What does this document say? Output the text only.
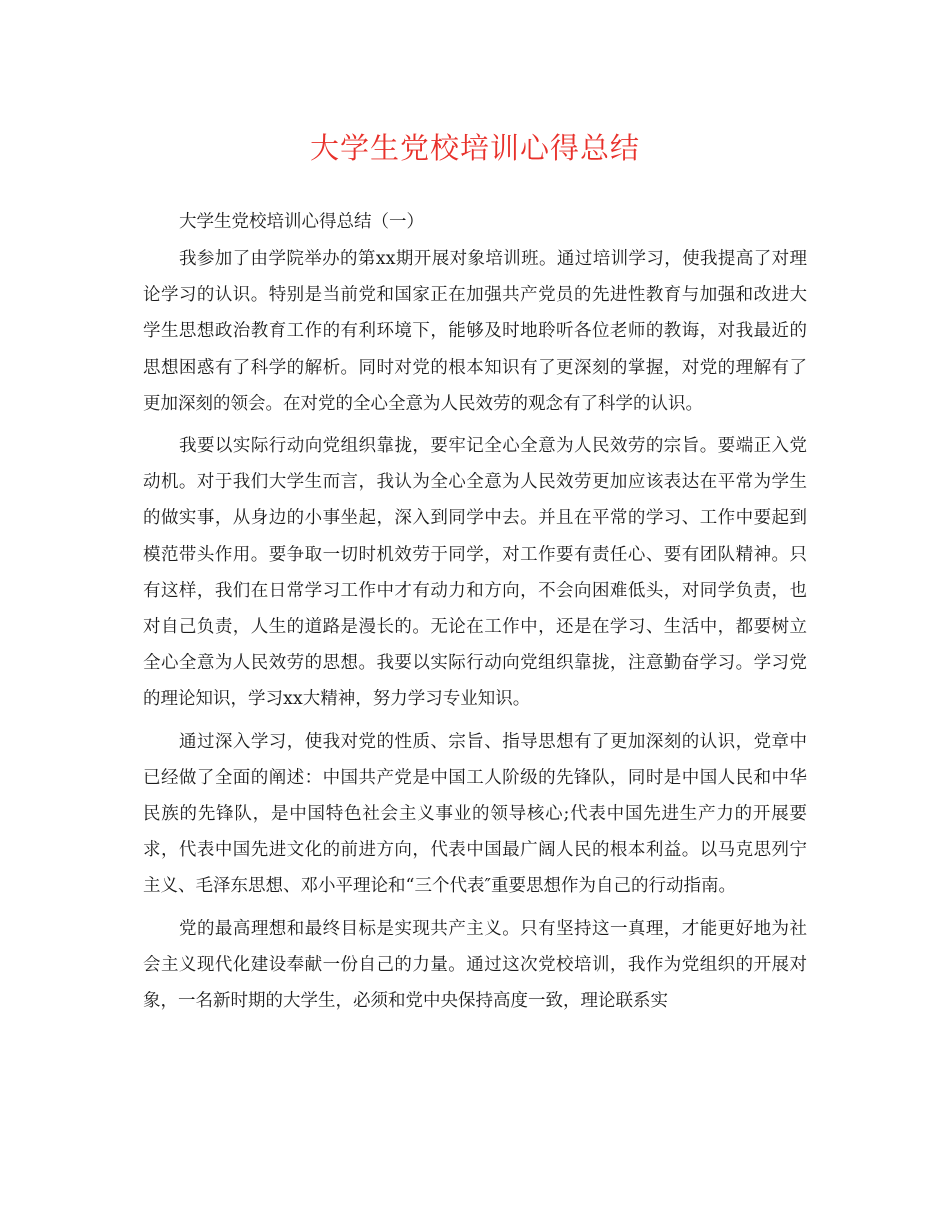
大学生党校培训心得总结

大学生党校培训心得总结（一）

我参加了由学院举办的第xx期开展对象培训班。通过培训学习，使我提高了对理论学习的认识。特别是当前党和国家正在加强共产党员的先进性教育与加强和改进大学生思想政治教育工作的有利环境下，能够及时地聆听各位老师的教诲，对我最近的思想困惑有了科学的解析。同时对党的根本知识有了更深刻的掌握，对党的理解有了更加深刻的领会。在对党的全心全意为人民效劳的观念有了科学的认识。

我要以实际行动向党组织靠拢，要牢记全心全意为人民效劳的宗旨。要端正入党动机。对于我们大学生而言，我认为全心全意为人民效劳更加应该表达在平常为学生的做实事，从身边的小事坐起，深入到同学中去。并且在平常的学习、工作中要起到模范带头作用。要争取一切时机效劳于同学，对工作要有责任心、要有团队精神。只有这样，我们在日常学习工作中才有动力和方向，不会向困难低头，对同学负责，也对自己负责，人生的道路是漫长的。无论在工作中，还是在学习、生活中，都要树立全心全意为人民效劳的思想。我要以实际行动向党组织靠拢，注意勤奋学习。学习党的理论知识，学习xx大精神，努力学习专业知识。

通过深入学习，使我对党的性质、宗旨、指导思想有了更加深刻的认识，党章中已经做了全面的阐述：中国共产党是中国工人阶级的先锋队，同时是中国人民和中华民族的先锋队，是中国特色社会主义事业的领导核心;代表中国先进生产力的开展要求，代表中国先进文化的前进方向，代表中国最广阔人民的根本利益。以马克思列宁主义、毛泽东思想、邓小平理论和“三个代表″重要思想作为自己的行动指南。

党的最高理想和最终目标是实现共产主义。只有坚持这一真理，才能更好地为社会主义现代化建设奉献一份自己的力量。通过这次党校培训，我作为党组织的开展对象，一名新时期的大学生，必须和党中央保持高度一致，理论联系实
